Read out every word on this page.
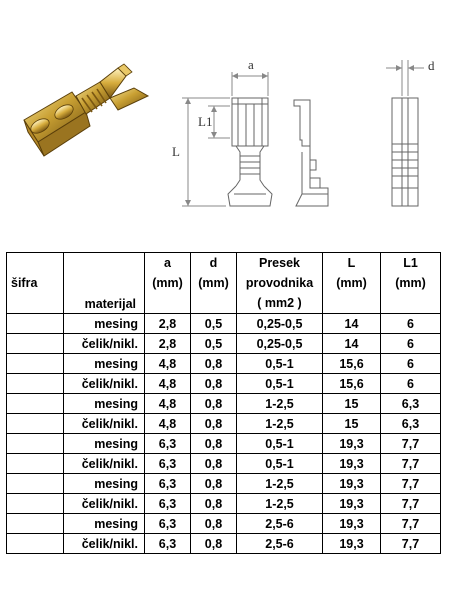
a	d
L
L1
šifra	materijal	a	d	Presek	L	L1
		(mm)	(mm)	provodnika	(mm)	(mm)
				( mm2 )		
	mesing	2,8	0,5	0,25-0,5	14	6
	čelik/nikl.	2,8	0,5	0,25-0,5	14	6
	mesing	4,8	0,8	0,5-1	15,6	6
	čelik/nikl.	4,8	0,8	0,5-1	15,6	6
	mesing	4,8	0,8	1-2,5	15	6,3
	čelik/nikl.	4,8	0,8	1-2,5	15	6,3
	mesing	6,3	0,8	0,5-1	19,3	7,7
	čelik/nikl.	6,3	0,8	0,5-1	19,3	7,7
	mesing	6,3	0,8	1-2,5	19,3	7,7
	čelik/nikl.	6,3	0,8	1-2,5	19,3	7,7
	mesing	6,3	0,8	2,5-6	19,3	7,7
	čelik/nikl.	6,3	0,8	2,5-6	19,3	7,7
